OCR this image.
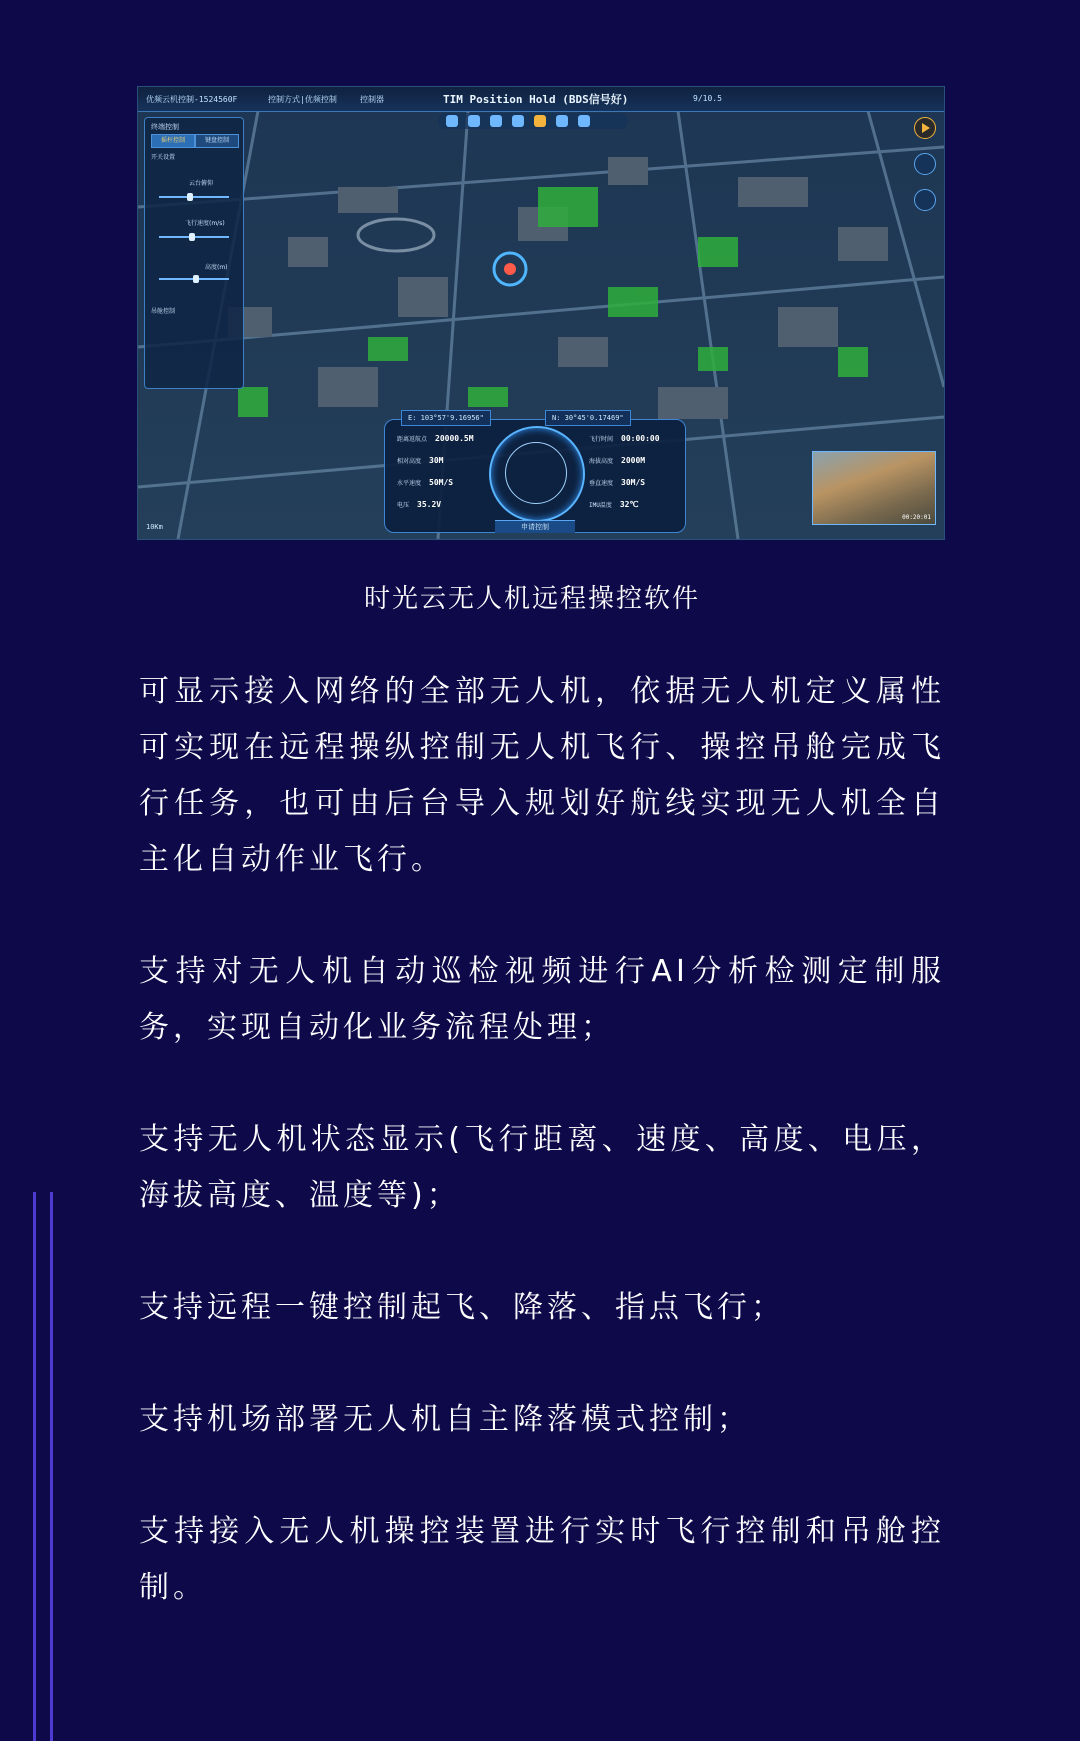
优频云机控制-1524560F	控制方式|优频控制	控制器	TIM Position Hold (BDS信号好)	9/10.5
终端控制
摇杆控制	键盘控制
开关设置
云台俯仰
飞行速度(m/s)
高度(m)
吊舱控制
E: 103°57'9.16956"	N: 30°45'0.17469"
距离返航点 20000.5M
相对高度 30M
水平速度 50M/S
电压 35.2V
飞行时间 00:00:00
海拔高度 2000M
垂直速度 30M/S
IMU温度 32℃
申请控制
00:20:01
10Km
时光云无人机远程操控软件

可显示接入网络的全部无人机，依据无人机定义属性可实现在远程操纵控制无人机飞行、操控吊舱完成飞行任务，也可由后台导入规划好航线实现无人机全自主化自动作业飞行。

支持对无人机自动巡检视频进行AI分析检测定制服务，实现自动化业务流程处理；

支持无人机状态显示(飞行距离、速度、高度、电压，海拔高度、温度等)；

支持远程一键控制起飞、降落、指点飞行；

支持机场部署无人机自主降落模式控制；

支持接入无人机操控装置进行实时飞行控制和吊舱控制。
